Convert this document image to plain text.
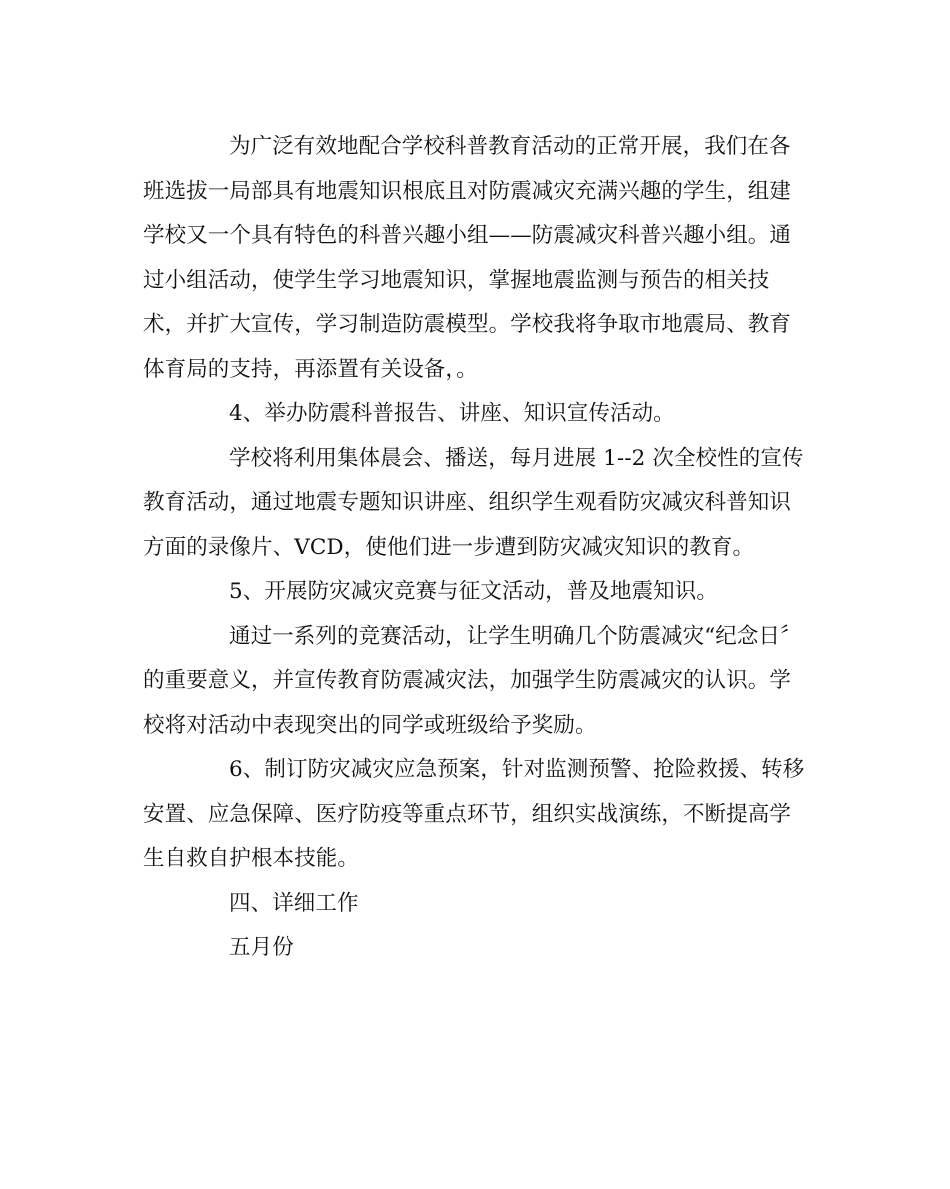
为广泛有效地配合学校科普教育活动的正常开展，我们在各
班选拔一局部具有地震知识根底且对防震减灾充满兴趣的学生，组建
学校又一个具有特色的科普兴趣小组——防震减灾科普兴趣小组。通
过小组活动，使学生学习地震知识，掌握地震监测与预告的相关技
术，并扩大宣传，学习制造防震模型。学校我将争取市地震局、教育
体育局的支持，再添置有关设备，。
4、举办防震科普报告、讲座、知识宣传活动。
学校将利用集体晨会、播送，每月进展 1--2 次全校性的宣传
教育活动，通过地震专题知识讲座、组织学生观看防灾减灾科普知识
方面的录像片、VCD，使他们进一步遭到防灾减灾知识的教育。
5、开展防灾减灾竞赛与征文活动，普及地震知识。
通过一系列的竞赛活动，让学生明确几个防震减灾“纪念日〞
的重要意义，并宣传教育防震减灾法，加强学生防震减灾的认识。学
校将对活动中表现突出的同学或班级给予奖励。
6、制订防灾减灾应急预案，针对监测预警、抢险救援、转移
安置、应急保障、医疗防疫等重点环节，组织实战演练，不断提高学
生自救自护根本技能。
四、详细工作
五月份
